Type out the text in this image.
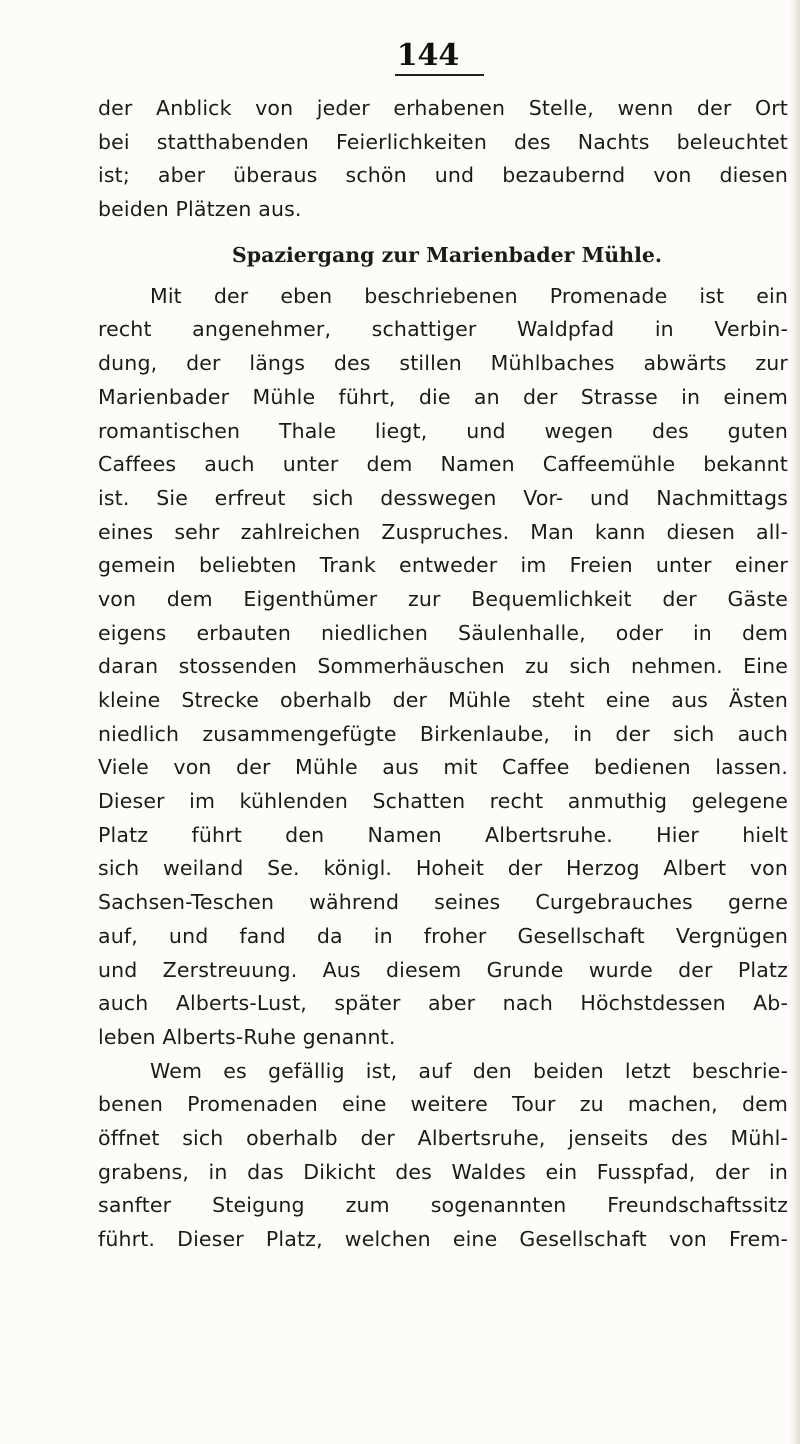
144
der Anblick von jeder erhabenen Stelle, wenn der Ort
bei statthabenden Feierlichkeiten des Nachts beleuchtet
ist; aber überaus schön und bezaubernd von diesen
beiden Plätzen aus.
Spaziergang zur Marienbader Mühle.
Mit der eben beschriebenen Promenade ist ein
recht angenehmer, schattiger Waldpfad in Verbin-
dung, der längs des stillen Mühlbaches abwärts zur
Marienbader Mühle führt, die an der Strasse in einem
romantischen Thale liegt, und wegen des guten
Caffees auch unter dem Namen Caffeemühle bekannt
ist. Sie erfreut sich desswegen Vor- und Nachmittags
eines sehr zahlreichen Zuspruches. Man kann diesen all-
gemein beliebten Trank entweder im Freien unter einer
von dem Eigenthümer zur Bequemlichkeit der Gäste
eigens erbauten niedlichen Säulenhalle, oder in dem
daran stossenden Sommerhäuschen zu sich nehmen. Eine
kleine Strecke oberhalb der Mühle steht eine aus Ästen
niedlich zusammengefügte Birkenlaube, in der sich auch
Viele von der Mühle aus mit Caffee bedienen lassen.
Dieser im kühlenden Schatten recht anmuthig gelegene
Platz führt den Namen Albertsruhe. Hier hielt
sich weiland Se. königl. Hoheit der Herzog Albert von
Sachsen-Teschen während seines Curgebrauches gerne
auf, und fand da in froher Gesellschaft Vergnügen
und Zerstreuung. Aus diesem Grunde wurde der Platz
auch Alberts-Lust, später aber nach Höchstdessen Ab-
leben Alberts-Ruhe genannt.
Wem es gefällig ist, auf den beiden letzt beschrie-
benen Promenaden eine weitere Tour zu machen, dem
öffnet sich oberhalb der Albertsruhe, jenseits des Mühl-
grabens, in das Dikicht des Waldes ein Fusspfad, der in
sanfter Steigung zum sogenannten Freundschaftssitz
führt. Dieser Platz, welchen eine Gesellschaft von Frem-
